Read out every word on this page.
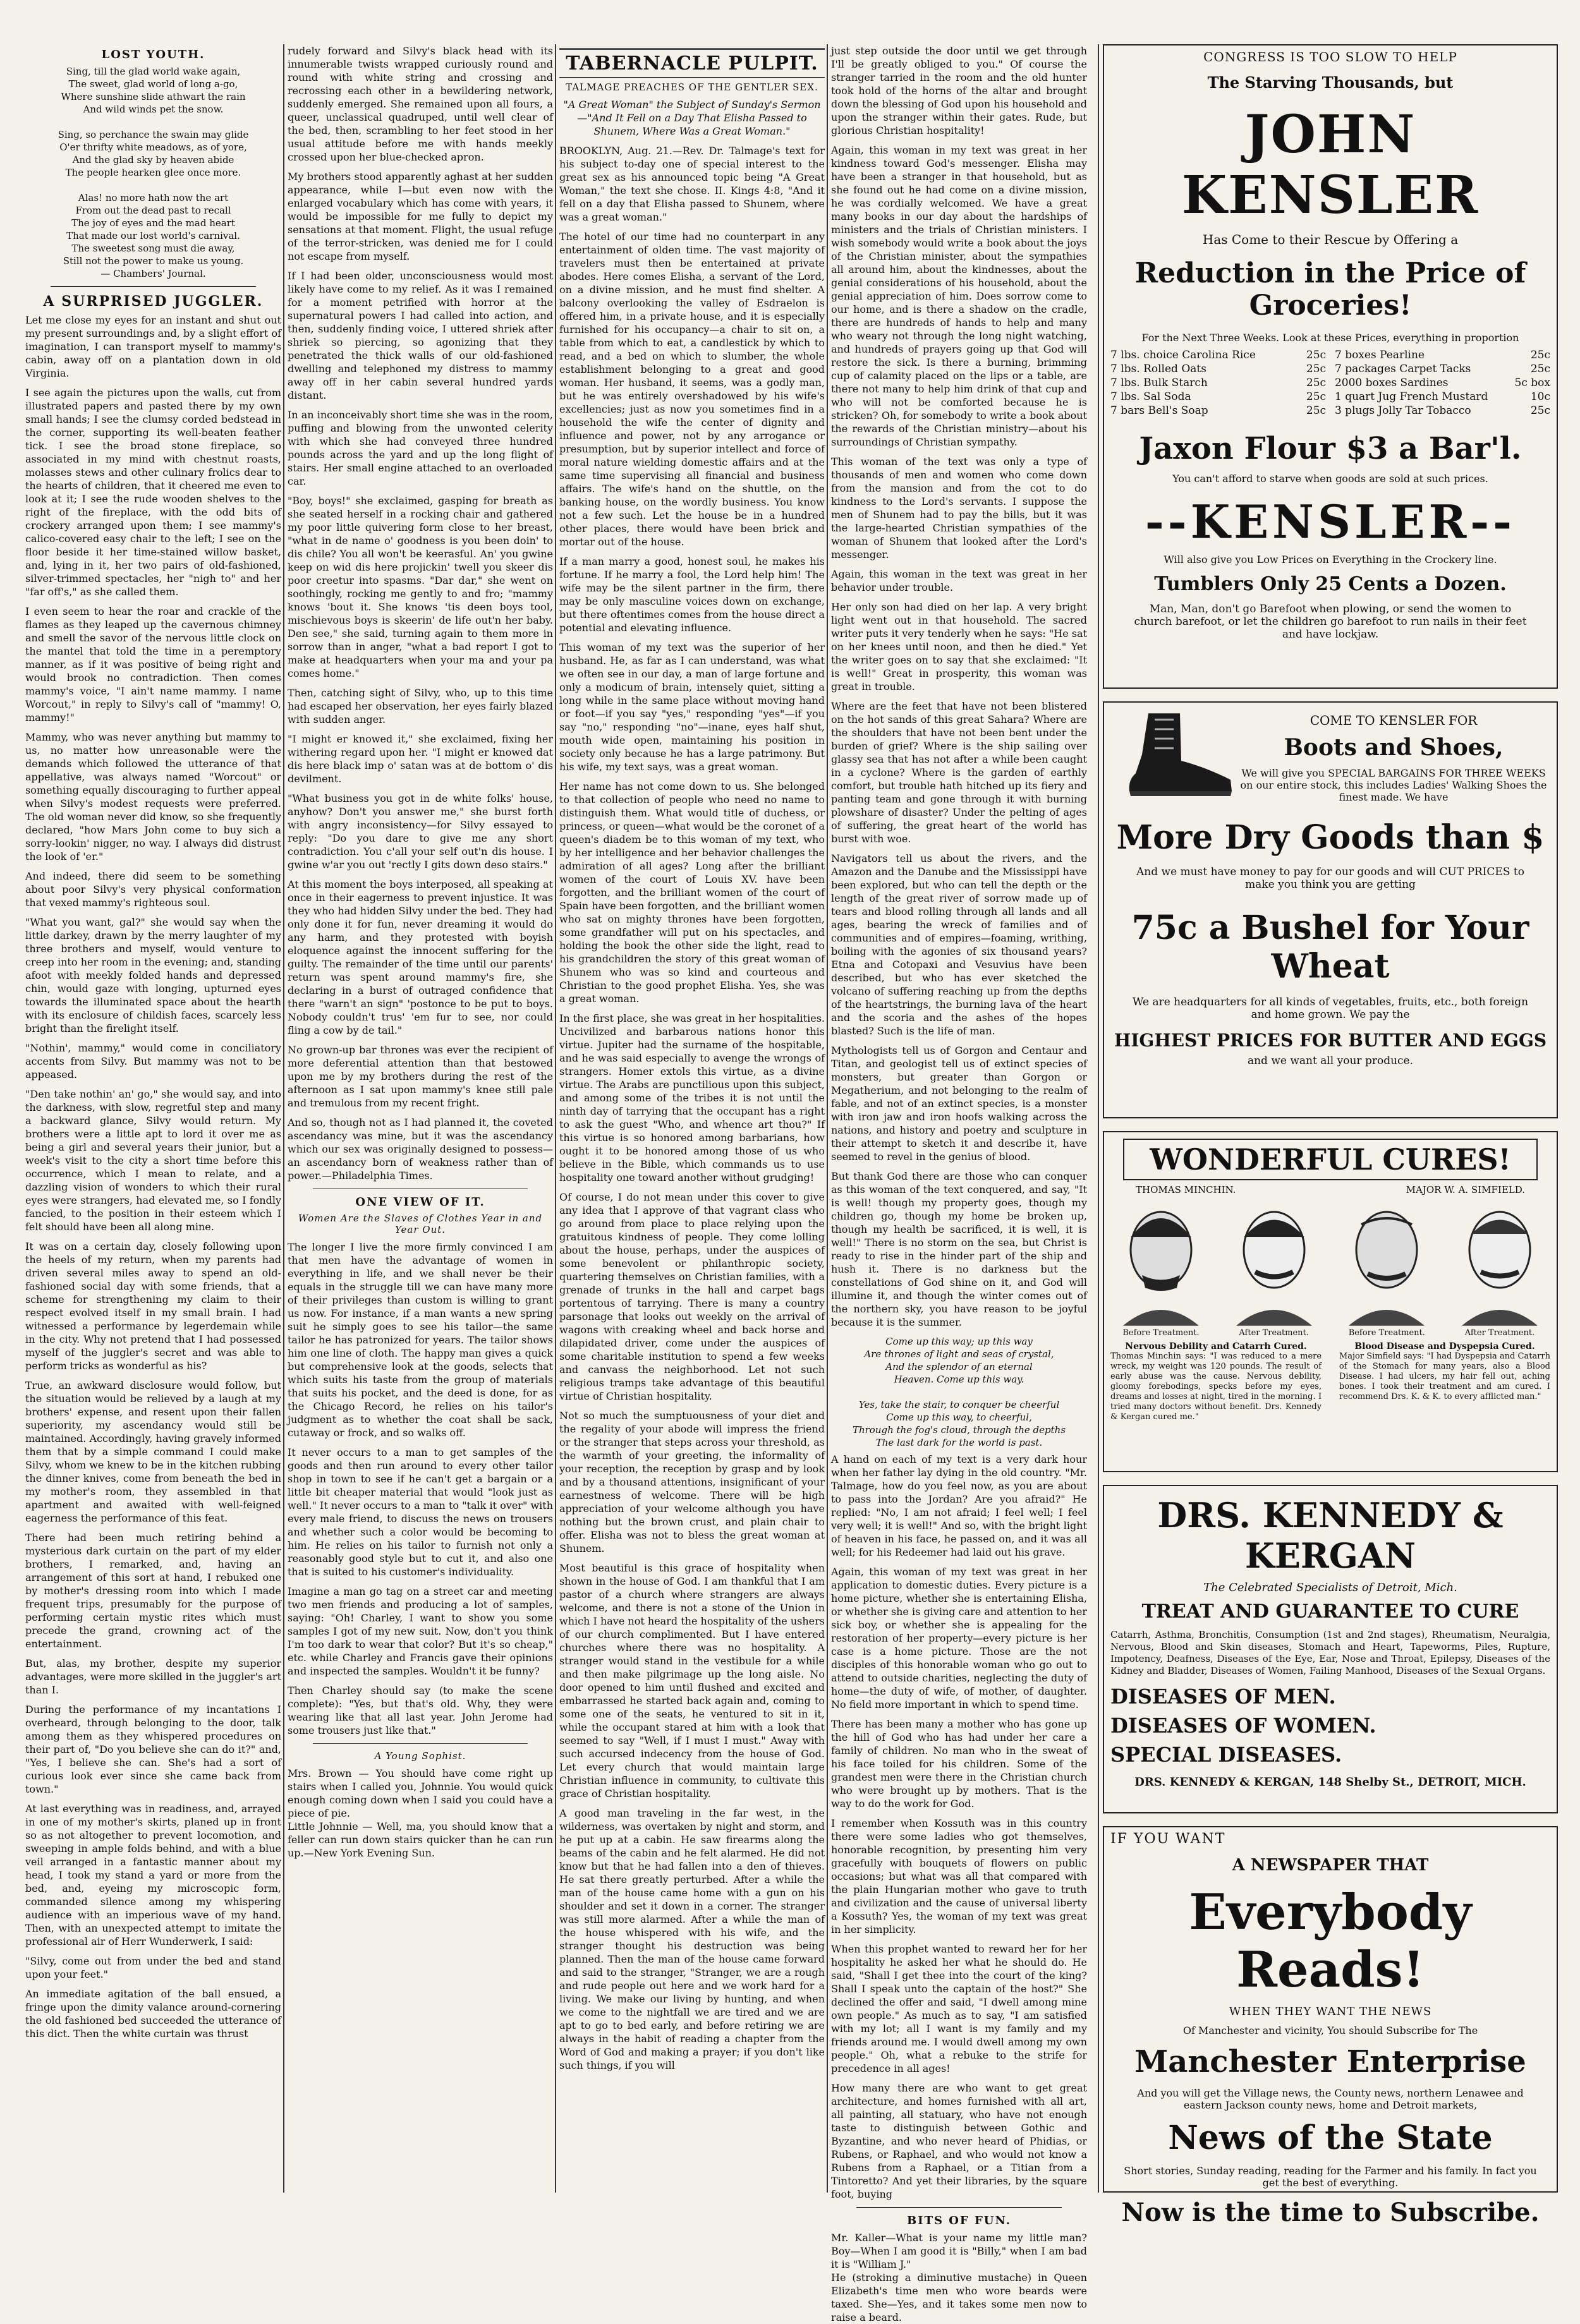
LOST YOUTH.
Sing, till the glad world wake again,
The sweet, glad world of long a-go,
Where sunshine slide athwart the rain
And wild winds pet the snow.

Sing, so perchance the swain may glide
O'er thrifty white meadows, as of yore,
And the glad sky by heaven abide
The people hearken glee once more.

Alas! no more hath now the art
From out the dead past to recall
The joy of eyes and the mad heart
That made our lost world's carnival.
The sweetest song must die away,
Still not the power to make us young.
— Chambers' Journal.
A SURPRISED JUGGLER.

Let me close my eyes for an instant and shut out my present surroundings and, by a slight effort of imagination, I can transport myself to mammy's cabin, away off on a plantation down in old Virginia.

I see again the pictures upon the walls, cut from illustrated papers and pasted there by my own small hands; I see the clumsy corded bedstead in the corner, supporting its well-beaten feather tick. I see the broad stone fireplace, so associated in my mind with chestnut roasts, molasses stews and other culinary frolics dear to the hearts of children, that it cheered me even to look at it; I see the rude wooden shelves to the right of the fireplace, with the odd bits of crockery arranged upon them; I see mammy's calico-covered easy chair to the left; I see on the floor beside it her time-stained willow basket, and, lying in it, her two pairs of old-fashioned, silver-trimmed spectacles, her "nigh to" and her "far off's," as she called them.

I even seem to hear the roar and crackle of the flames as they leaped up the cavernous chimney and smell the savor of the nervous little clock on the mantel that told the time in a peremptory manner, as if it was positive of being right and would brook no contradiction. Then comes mammy's voice, "I ain't name mammy. I name Worcout," in reply to Silvy's call of "mammy! O, mammy!"

Mammy, who was never anything but mammy to us, no matter how unreasonable were the demands which followed the utterance of that appellative, was always named "Worcout" or something equally discouraging to further appeal when Silvy's modest requests were preferred. The old woman never did know, so she frequently declared, "how Mars John come to buy sich a sorry-lookin' nigger, no way. I always did distrust the look of 'er."

And indeed, there did seem to be something about poor Silvy's very physical conformation that vexed mammy's righteous soul.

"What you want, gal?" she would say when the little darkey, drawn by the merry laughter of my three brothers and myself, would venture to creep into her room in the evening; and, standing afoot with meekly folded hands and depressed chin, would gaze with longing, upturned eyes towards the illuminated space about the hearth with its enclosure of childish faces, scarcely less bright than the firelight itself.

"Nothin', mammy," would come in conciliatory accents from Silvy. But mammy was not to be appeased.

"Den take nothin' an' go," she would say, and into the darkness, with slow, regretful step and many a backward glance, Silvy would return. My brothers were a little apt to lord it over me as being a girl and several years their junior, but a week's visit to the city a short time before this occurrence, which I mean to relate, and a dazzling vision of wonders to which their rural eyes were strangers, had elevated me, so I fondly fancied, to the position in their esteem which I felt should have been all along mine.

It was on a certain day, closely following upon the heels of my return, when my parents had driven several miles away to spend an old-fashioned social day with some friends, that a scheme for strengthening my claim to their respect evolved itself in my small brain. I had witnessed a performance by legerdemain while in the city. Why not pretend that I had possessed myself of the juggler's secret and was able to perform tricks as wonderful as his?

True, an awkward disclosure would follow, but the situation would be relieved by a laugh at my brothers' expense, and resent upon their fallen superiority, my ascendancy would still be maintained. Accordingly, having gravely informed them that by a simple command I could make Silvy, whom we knew to be in the kitchen rubbing the dinner knives, come from beneath the bed in my mother's room, they assembled in that apartment and awaited with well-feigned eagerness the performance of this feat.

There had been much retiring behind a mysterious dark curtain on the part of my elder brothers, I remarked, and, having an arrangement of this sort at hand, I rebuked one by mother's dressing room into which I made frequent trips, presumably for the purpose of performing certain mystic rites which must precede the grand, crowning act of the entertainment.

But, alas, my brother, despite my superior advantages, were more skilled in the juggler's art than I.

During the performance of my incantations I overheard, through belonging to the door, talk among them as they whispered procedures on their part of, "Do you believe she can do it?" and, "Yes, I believe she can. She's had a sort of curious look ever since she came back from town."

At last everything was in readiness, and, arrayed in one of my mother's skirts, planed up in front so as not altogether to prevent locomotion, and sweeping in ample folds behind, and with a blue veil arranged in a fantastic manner about my head, I took my stand a yard or more from the bed, and, eyeing my microscopic form, commanded silence among my whispering audience with an imperious wave of my hand. Then, with an unexpected attempt to imitate the professional air of Herr Wunderwerk, I said:

"Silvy, come out from under the bed and stand upon your feet."

An immediate agitation of the ball ensued, a fringe upon the dimity valance around-cornering the old fashioned bed succeeded the utterance of this dict. Then the white curtain was thrust

rudely forward and Silvy's black head with its innumerable twists wrapped curiously round and round with white string and crossing and recrossing each other in a bewildering network, suddenly emerged. She remained upon all fours, a queer, unclassical quadruped, until well clear of the bed, then, scrambling to her feet stood in her usual attitude before me with hands meekly crossed upon her blue-checked apron.

My brothers stood apparently aghast at her sudden appearance, while I—but even now with the enlarged vocabulary which has come with years, it would be impossible for me fully to depict my sensations at that moment. Flight, the usual refuge of the terror-stricken, was denied me for I could not escape from myself.

If I had been older, unconsciousness would most likely have come to my relief. As it was I remained for a moment petrified with horror at the supernatural powers I had called into action, and then, suddenly finding voice, I uttered shriek after shriek so piercing, so agonizing that they penetrated the thick walls of our old-fashioned dwelling and telephoned my distress to mammy away off in her cabin several hundred yards distant.

In an inconceivably short time she was in the room, puffing and blowing from the unwonted celerity with which she had conveyed three hundred pounds across the yard and up the long flight of stairs. Her small engine attached to an overloaded car.

"Boy, boys!" she exclaimed, gasping for breath as she seated herself in a rocking chair and gathered my poor little quivering form close to her breast, "what in de name o' goodness is you been doin' to dis chile? You all won't be keerasful. An' you gwine keep on wid dis here projickin' twell you skeer dis poor creetur into spasms. "Dar dar," she went on soothingly, rocking me gently to and fro; "mammy knows 'bout it. She knows 'tis deen boys tool, mischievous boys is skeerin' de life out'n her baby. Den see," she said, turning again to them more in sorrow than in anger, "what a bad report I got to make at headquarters when your ma and your pa comes home."

Then, catching sight of Silvy, who, up to this time had escaped her observation, her eyes fairly blazed with sudden anger.

"I might er knowed it," she exclaimed, fixing her withering regard upon her. "I might er knowed dat dis here black imp o' satan was at de bottom o' dis devilment.

"What business you got in de white folks' house, anyhow? Don't you answer me," she burst forth with angry inconsistency—for Silvy essayed to reply: "Do you dare to give me any short contradiction. You c'all your self out'n dis house. I gwine w'ar you out 'rectly I gits down deso stairs."

At this moment the boys interposed, all speaking at once in their eagerness to prevent injustice. It was they who had hidden Silvy under the bed. They had only done it for fun, never dreaming it would do any harm, and they protested with boyish eloquence against the innocent suffering for the guilty. The remainder of the time until our parents' return was spent around mammy's fire, she declaring in a burst of outraged confidence that there "warn't an sign" 'postonce to be put to boys. Nobody couldn't trus' 'em fur to see, nor could fling a cow by de tail."

No grown-up bar thrones was ever the recipient of more deferential attention than that bestowed upon me by my brothers during the rest of the afternoon as I sat upon mammy's knee still pale and tremulous from my recent fright.

And so, though not as I had planned it, the coveted ascendancy was mine, but it was the ascendancy which our sex was originally designed to possess—an ascendancy born of weakness rather than of power.—Philadelphia Times.

ONE VIEW OF IT.
Women Are the Slaves of Clothes Year in and Year Out.

The longer I live the more firmly convinced I am that men have the advantage of women in everything in life, and we shall never be their equals in the struggle till we can have many more of their privileges than custom is willing to grant us now. For instance, if a man wants a new spring suit he simply goes to see his tailor—the same tailor he has patronized for years. The tailor shows him one line of cloth. The happy man gives a quick but comprehensive look at the goods, selects that which suits his taste from the group of materials that suits his pocket, and the deed is done, for as the Chicago Record, he relies on his tailor's judgment as to whether the coat shall be sack, cutaway or frock, and so walks off.

It never occurs to a man to get samples of the goods and then run around to every other tailor shop in town to see if he can't get a bargain or a little bit cheaper material that would "look just as well." It never occurs to a man to "talk it over" with every male friend, to discuss the news on trousers and whether such a color would be becoming to him. He relies on his tailor to furnish not only a reasonably good style but to cut it, and also one that is suited to his customer's individuality.

Imagine a man go tag on a street car and meeting two men friends and producing a lot of samples, saying: "Oh! Charley, I want to show you some samples I got of my new suit. Now, don't you think I'm too dark to wear that color? But it's so cheap," etc. while Charley and Francis gave their opinions and inspected the samples. Wouldn't it be funny?

Then Charley should say (to make the scene complete): "Yes, but that's old. Why, they were wearing like that all last year. John Jerome had some trousers just like that."

A Young Sophist.
Mrs. Brown — You should have come right up stairs when I called you, Johnnie. You would quick enough coming down when I said you could have a piece of pie.
Little Johnnie — Well, ma, you should know that a feller can run down stairs quicker than he can run up.—New York Evening Sun.
TABERNACLE PULPIT.
TALMAGE PREACHES OF THE GENTLER SEX.
"A Great Woman" the Subject of Sunday's Sermon—"And It Fell on a Day That Elisha Passed to Shunem, Where Was a Great Woman."

BROOKLYN, Aug. 21.—Rev. Dr. Talmage's text for his subject to-day one of special interest to the great sex as his announced topic being "A Great Woman," the text she chose. II. Kings 4:8, "And it fell on a day that Elisha passed to Shunem, where was a great woman."

The hotel of our time had no counterpart in any entertainment of olden time. The vast majority of travelers must then be entertained at private abodes. Here comes Elisha, a servant of the Lord, on a divine mission, and he must find shelter. A balcony overlooking the valley of Esdraelon is offered him, in a private house, and it is especially furnished for his occupancy—a chair to sit on, a table from which to eat, a candlestick by which to read, and a bed on which to slumber, the whole establishment belonging to a great and good woman. Her husband, it seems, was a godly man, but he was entirely overshadowed by his wife's excellencies; just as now you sometimes find in a household the wife the center of dignity and influence and power, not by any arrogance or presumption, but by superior intellect and force of moral nature wielding domestic affairs and at the same time supervising all financial and business affairs. The wife's hand on the shuttle, on the banking house, on the wordly business. You know not a few such. Let the house be in a hundred other places, there would have been brick and mortar out of the house.

If a man marry a good, honest soul, he makes his fortune. If he marry a fool, the Lord help him! The wife may be the silent partner in the firm, there may be only masculine voices down on exchange, but there oftentimes comes from the house direct a potential and elevating influence.

This woman of my text was the superior of her husband. He, as far as I can understand, was what we often see in our day, a man of large fortune and only a modicum of brain, intensely quiet, sitting a long while in the same place without moving hand or foot—if you say "yes," responding "yes"—if you say "no," responding "no"—inane, eyes half shut, mouth wide open, maintaining his position in society only because he has a large patrimony. But his wife, my text says, was a great woman.

Her name has not come down to us. She belonged to that collection of people who need no name to distinguish them. What would title of duchess, or princess, or queen—what would be the coronet of a queen's diadem be to this woman of my text, who by her intelligence and her behavior challenges the admiration of all ages? Long after the brilliant women of the court of Louis XV. have been forgotten, and the brilliant women of the court of Spain have been forgotten, and the brilliant women who sat on mighty thrones have been forgotten, some grandfather will put on his spectacles, and holding the book the other side the light, read to his grandchildren the story of this great woman of Shunem who was so kind and courteous and Christian to the good prophet Elisha. Yes, she was a great woman.

In the first place, she was great in her hospitalities. Uncivilized and barbarous nations honor this virtue. Jupiter had the surname of the hospitable, and he was said especially to avenge the wrongs of strangers. Homer extols this virtue, as a divine virtue. The Arabs are punctilious upon this subject, and among some of the tribes it is not until the ninth day of tarrying that the occupant has a right to ask the guest "Who, and whence art thou?" If this virtue is so honored among barbarians, how ought it to be honored among those of us who believe in the Bible, which commands us to use hospitality one toward another without grudging!

Of course, I do not mean under this cover to give any idea that I approve of that vagrant class who go around from place to place relying upon the gratuitous kindness of people. They come lolling about the house, perhaps, under the auspices of some benevolent or philanthropic society, quartering themselves on Christian families, with a grenade of trunks in the hall and carpet bags portentous of tarrying. There is many a country parsonage that looks out weekly on the arrival of wagons with creaking wheel and back horse and dilapidated driver, come under the auspices of some charitable institution to spend a few weeks and canvass the neighborhood. Let not such religious tramps take advantage of this beautiful virtue of Christian hospitality.

Not so much the sumptuousness of your diet and the regality of your abode will impress the friend or the stranger that steps across your threshold, as the warmth of your greeting, the informality of your reception, the reception by grasp and by look and by a thousand attentions, insignificant of your earnestness of welcome. There will be high appreciation of your welcome although you have nothing but the brown crust, and plain chair to offer. Elisha was not to bless the great woman at Shunem.

Most beautiful is this grace of hospitality when shown in the house of God. I am thankful that I am pastor of a church where strangers are always welcome, and there is not a stone of the Union in which I have not heard the hospitality of the ushers of our church complimented. But I have entered churches where there was no hospitality. A stranger would stand in the vestibule for a while and then make pilgrimage up the long aisle. No door opened to him until flushed and excited and embarrassed he started back again and, coming to some one of the seats, he ventured to sit in it, while the occupant stared at him with a look that seemed to say "Well, if I must I must." Away with such accursed indecency from the house of God. Let every church that would maintain large Christian influence in community, to cultivate this grace of Christian hospitality.

A good man traveling in the far west, in the wilderness, was overtaken by night and storm, and he put up at a cabin. He saw firearms along the beams of the cabin and he felt alarmed. He did not know but that he had fallen into a den of thieves. He sat there greatly perturbed. After a while the man of the house came home with a gun on his shoulder and set it down in a corner. The stranger was still more alarmed. After a while the man of the house whispered with his wife, and the stranger thought his destruction was being planned. Then the man of the house came forward and said to the stranger, "Stranger, we are a rough and rude people out here and we work hard for a living. We make our living by hunting, and when we come to the nightfall we are tired and we are apt to go to bed early, and before retiring we are always in the habit of reading a chapter from the Word of God and making a prayer; if you don't like such things, if you will

just step outside the door until we get through I'll be greatly obliged to you." Of course the stranger tarried in the room and the old hunter took hold of the horns of the altar and brought down the blessing of God upon his household and upon the stranger within their gates. Rude, but glorious Christian hospitality!

Again, this woman in my text was great in her kindness toward God's messenger. Elisha may have been a stranger in that household, but as she found out he had come on a divine mission, he was cordially welcomed. We have a great many books in our day about the hardships of ministers and the trials of Christian ministers. I wish somebody would write a book about the joys of the Christian minister, about the sympathies all around him, about the kindnesses, about the genial considerations of his household, about the genial appreciation of him. Does sorrow come to our home, and is there a shadow on the cradle, there are hundreds of hands to help and many who weary not through the long night watching, and hundreds of prayers going up that God will restore the sick. Is there a burning, brimming cup of calamity placed on the lips or a table, are there not many to help him drink of that cup and who will not be comforted because he is stricken? Oh, for somebody to write a book about the rewards of the Christian ministry—about his surroundings of Christian sympathy.

This woman of the text was only a type of thousands of men and women who come down from the mansion and from the cot to do kindness to the Lord's servants. I suppose the men of Shunem had to pay the bills, but it was the large-hearted Christian sympathies of the woman of Shunem that looked after the Lord's messenger.

Again, this woman in the text was great in her behavior under trouble.

Her only son had died on her lap. A very bright light went out in that household. The sacred writer puts it very tenderly when he says: "He sat on her knees until noon, and then he died." Yet the writer goes on to say that she exclaimed: "It is well!" Great in prosperity, this woman was great in trouble.

Where are the feet that have not been blistered on the hot sands of this great Sahara? Where are the shoulders that have not been bent under the burden of grief? Where is the ship sailing over glassy sea that has not after a while been caught in a cyclone? Where is the garden of earthly comfort, but trouble hath hitched up its fiery and panting team and gone through it with burning plowshare of disaster? Under the pelting of ages of suffering, the great heart of the world has burst with woe.

Navigators tell us about the rivers, and the Amazon and the Danube and the Mississippi have been explored, but who can tell the depth or the length of the great river of sorrow made up of tears and blood rolling through all lands and all ages, bearing the wreck of families and of communities and of empires—foaming, writhing, boiling with the agonies of six thousand years? Etna and Cotopaxi and Vesuvius have been described, but who has ever sketched the volcano of suffering reaching up from the depths of the heartstrings, the burning lava of the heart and the scoria and the ashes of the hopes blasted? Such is the life of man.

Mythologists tell us of Gorgon and Centaur and Titan, and geologist tell us of extinct species of monsters, but greater than Gorgon or Megatherium, and not belonging to the realm of fable, and not of an extinct species, is a monster with iron jaw and iron hoofs walking across the nations, and history and poetry and sculpture in their attempt to sketch it and describe it, have seemed to revel in the genius of blood.

But thank God there are those who can conquer as this woman of the text conquered, and say, "It is well! though my property goes, though my children go, though my home be broken up, though my health be sacrificed, it is well, it is well!" There is no storm on the sea, but Christ is ready to rise in the hinder part of the ship and hush it. There is no darkness but the constellations of God shine on it, and God will illumine it, and though the winter comes out of the northern sky, you have reason to be joyful because it is the summer.

Come up this way; up this way
Are thrones of light and seas of crystal,
And the splendor of an eternal
Heaven. Come up this way.

Yes, take the stair, to conquer be cheerful
Come up this way, to cheerful,
Through the fog's cloud, through the depths
The last dark for the world is past.

A hand on each of my text is a very dark hour when her father lay dying in the old country. "Mr. Talmage, how do you feel now, as you are about to pass into the Jordan? Are you afraid?" He replied: "No, I am not afraid; I feel well; I feel very well; it is well!" And so, with the bright light of heaven in his face, he passed on, and it was all well; for his Redeemer had laid out his grave.

Again, this woman of my text was great in her application to domestic duties. Every picture is a home picture, whether she is entertaining Elisha, or whether she is giving care and attention to her sick boy, or whether she is appealing for the restoration of her property—every picture is her case is a home picture. Those are the not disciples of this honorable woman who go out to attend to outside charities, neglecting the duty of home—the duty of wife, of mother, of daughter. No field more important in which to spend time.

There has been many a mother who has gone up the hill of God who has had under her care a family of children. No man who in the sweat of his face toiled for his children. Some of the grandest men were there in the Christian church who were brought up by mothers. That is the way to do the work for God.

I remember when Kossuth was in this country there were some ladies who got themselves, honorable recognition, by presenting him very gracefully with bouquets of flowers on public occasions; but what was all that compared with the plain Hungarian mother who gave to truth and civilization and the cause of universal liberty a Kossuth? Yes, the woman of my text was great in her simplicity.

When this prophet wanted to reward her for her hospitality he asked her what he should do. He said, "Shall I get thee into the court of the king? Shall I speak unto the captain of the host?" She declined the offer and said, "I dwell among mine own people." As much as to say, "I am satisfied with my lot; all I want is my family and my friends around me. I would dwell among my own people." Oh, what a rebuke to the strife for precedence in all ages!

How many there are who want to get great architecture, and homes furnished with all art, all painting, all statuary, who have not enough taste to distinguish between Gothic and Byzantine, and who never heard of Phidias, or Rubens, or Raphael, and who would not know a Rubens from a Raphael, or a Titian from a Tintoretto? And yet their libraries, by the square foot, buying

BITS OF FUN.
Mr. Kaller—What is your name my little man? Boy—When I am good it is "Billy," when I am bad it is "William J."
He (stroking a diminutive mustache) in Queen Elizabeth's time men who wore beards were taxed. She—Yes, and it takes some men now to raise a beard.
CONGRESS IS TOO SLOW TO HELP
The Starving Thousands, but
JOHN KENSLER
Has Come to their Rescue by Offering a
Reduction in the Price of Groceries!
For the Next Three Weeks. Look at these Prices, everything in proportion
7 lbs. choice Carolina Rice	25c 7 boxes Pearline	25c
7 lbs. Rolled Oats	25c 7 packages Carpet Tacks	25c
7 lbs. Bulk Starch	25c 2000 boxes Sardines	5c box
7 lbs. Sal Soda	25c 1 quart Jug French Mustard	10c
7 bars Bell's Soap	25c 3 plugs Jolly Tar Tobacco	25c
Jaxon Flour $3 a Bar'l.
You can't afford to starve when goods are sold at such prices.
--KENSLER--
Will also give you Low Prices on Everything in the Crockery line.
Tumblers Only 25 Cents a Dozen.
Man, Man, don't go Barefoot when plowing, or send the women to church barefoot, or let the children go barefoot to run nails in their feet and have lockjaw.
COME TO KENSLER FOR
Boots and Shoes,
We will give you SPECIAL BARGAINS FOR THREE WEEKS on our entire stock, this includes Ladies' Walking Shoes the finest made. We have
More Dry Goods than $
And we must have money to pay for our goods and will CUT PRICES to make you think you are getting
75c a Bushel for Your Wheat
We are headquarters for all kinds of vegetables, fruits, etc., both foreign and home grown. We pay the
HIGHEST PRICES FOR BUTTER AND EGGS
and we want all your produce.
WONDERFUL CURES!
THOMAS MINCHIN.	MAJOR W. A. SIMFIELD.
Before Treatment.	After Treatment.	Before Treatment.	After Treatment.
Nervous Debility and Catarrh Cured.
Thomas Minchin says: "I was reduced to a mere wreck, my weight was 120 pounds. The result of early abuse was the cause. Nervous debility, gloomy forebodings, specks before my eyes, dreams and losses at night, tired in the morning. I tried many doctors without benefit. Drs. Kennedy & Kergan cured me."
Blood Disease and Dyspepsia Cured.
Major Simfield says: "I had Dyspepsia and Catarrh of the Stomach for many years, also a Blood Disease. I had ulcers, my hair fell out, aching bones. I took their treatment and am cured. I recommend Drs. K. & K. to every afflicted man."
DRS. KENNEDY & KERGAN
The Celebrated Specialists of Detroit, Mich.
TREAT AND GUARANTEE TO CURE
Catarrh, Asthma, Bronchitis, Consumption (1st and 2nd stages), Rheumatism, Neuralgia, Nervous, Blood and Skin diseases, Stomach and Heart, Tapeworms, Piles, Rupture, Impotency, Deafness, Diseases of the Eye, Ear, Nose and Throat, Epilepsy, Diseases of the Kidney and Bladder, Diseases of Women, Failing Manhood, Diseases of the Sexual Organs.
DISEASES OF MEN.
DISEASES OF WOMEN.
SPECIAL DISEASES.
DRS. KENNEDY & KERGAN, 148 Shelby St., DETROIT, MICH.
IF YOU WANT
A NEWSPAPER THAT
Everybody Reads!
WHEN THEY WANT THE NEWS
Of Manchester and vicinity, You should Subscribe for The
Manchester Enterprise
And you will get the Village news, the County news, northern Lenawee and eastern Jackson county news, home and Detroit markets,
News of the State
Short stories, Sunday reading, reading for the Farmer and his family. In fact you get the best of everything.
Now is the time to Subscribe.
